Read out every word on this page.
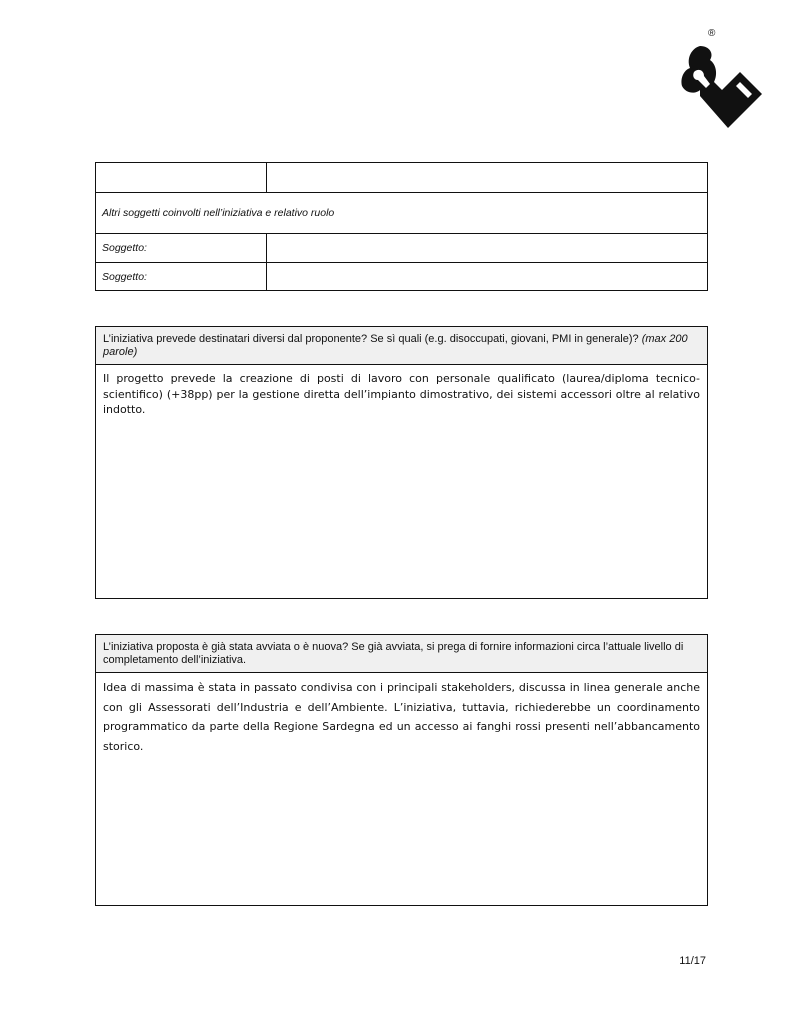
®

Altri soggetti coinvolti nell’iniziativa e relativo ruolo	
Soggetto:	
Soggetto:	
L’iniziativa prevede destinatari diversi dal proponente? Se sì quali (e.g. disoccupati, giovani, PMI in generale)? (max 200 parole)
Il progetto prevede la creazione di posti di lavoro con personale qualificato (laurea/diploma tecnico-scientifico) (+38pp) per la gestione diretta dell’impianto dimostrativo, dei sistemi accessori oltre al relativo indotto.
L’iniziativa proposta è già stata avviata o è nuova? Se già avviata, si prega di fornire informazioni circa l’attuale livello di completamento dell’iniziativa.
Idea di massima è stata in passato condivisa con i principali stakeholders, discussa in linea generale anche con gli Assessorati dell’Industria e dell’Ambiente. L’iniziativa, tuttavia, richiederebbe un coordinamento programmatico da parte della Regione Sardegna ed un accesso ai fanghi rossi presenti nell’abbancamento storico.
11/17
